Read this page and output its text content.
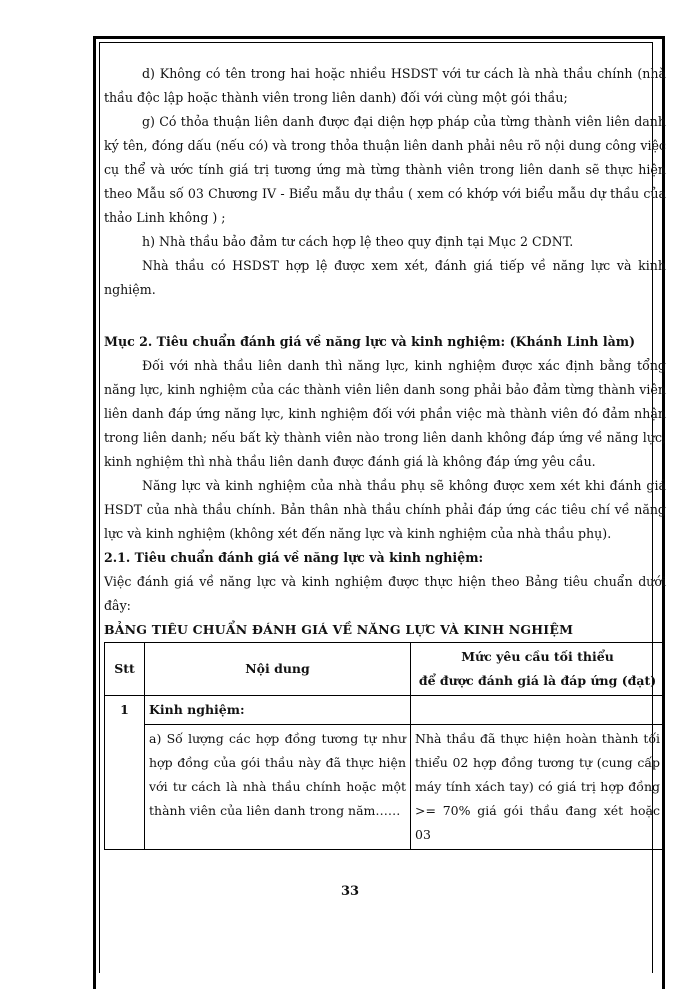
d) Không có tên trong hai hoặc nhiều HSDST với tư cách là nhà thầu chính (nhà thầu độc lập hoặc thành viên trong liên danh) đối với cùng một gói thầu;

g) Có thỏa thuận liên danh được đại diện hợp pháp của từng thành viên liên danh ký tên, đóng dấu (nếu có) và trong thỏa thuận liên danh phải nêu rõ nội dung công việc cụ thể và ước tính giá trị tương ứng mà từng thành viên trong liên danh sẽ thực hiện theo Mẫu số 03 Chương IV - Biểu mẫu dự thầu ( xem có khớp với biểu mẫu dự thầu của thảo Linh không ) ;

h) Nhà thầu bảo đảm tư cách hợp lệ theo quy định tại Mục 2 CDNT.

Nhà thầu có HSDST hợp lệ được xem xét, đánh giá tiếp về năng lực và kinh nghiệm.

Mục 2. Tiêu chuẩn đánh giá về năng lực và kinh nghiệm: (Khánh Linh làm)

Đối với nhà thầu liên danh thì năng lực, kinh nghiệm được xác định bằng tổng năng lực, kinh nghiệm của các thành viên liên danh song phải bảo đảm từng thành viên liên danh đáp ứng năng lực, kinh nghiệm đối với phần việc mà thành viên đó đảm nhận trong liên danh; nếu bất kỳ thành viên nào trong liên danh không đáp ứng về năng lực, kinh nghiệm thì nhà thầu liên danh được đánh giá là không đáp ứng yêu cầu.

Năng lực và kinh nghiệm của nhà thầu phụ sẽ không được xem xét khi đánh giá HSDT của nhà thầu chính. Bản thân nhà thầu chính phải đáp ứng các tiêu chí về năng lực và kinh nghiệm (không xét đến năng lực và kinh nghiệm của nhà thầu phụ).

2.1. Tiêu chuẩn đánh giá về năng lực và kinh nghiệm:

Việc đánh giá về năng lực và kinh nghiệm được thực hiện theo Bảng tiêu chuẩn dưới đây:

BẢNG TIÊU CHUẨN ĐÁNH GIÁ VỀ NĂNG LỰC VÀ KINH NGHIỆM

Stt	Nội dung	Mức yêu cầu tối thiểu
để được đánh giá là đáp ứng (đạt)
1	Kinh nghiệm:	
	a) Số lượng các hợp đồng tương tự như hợp đồng của gói thầu này đã thực hiện với tư cách là nhà thầu chính hoặc một thành viên của liên danh trong năm……	Nhà thầu đã thực hiện hoàn thành tối thiểu 02 hợp đồng tương tự (cung cấp máy tính xách tay) có giá trị hợp đồng >= 70% giá gói thầu đang xét hoặc 03
33
